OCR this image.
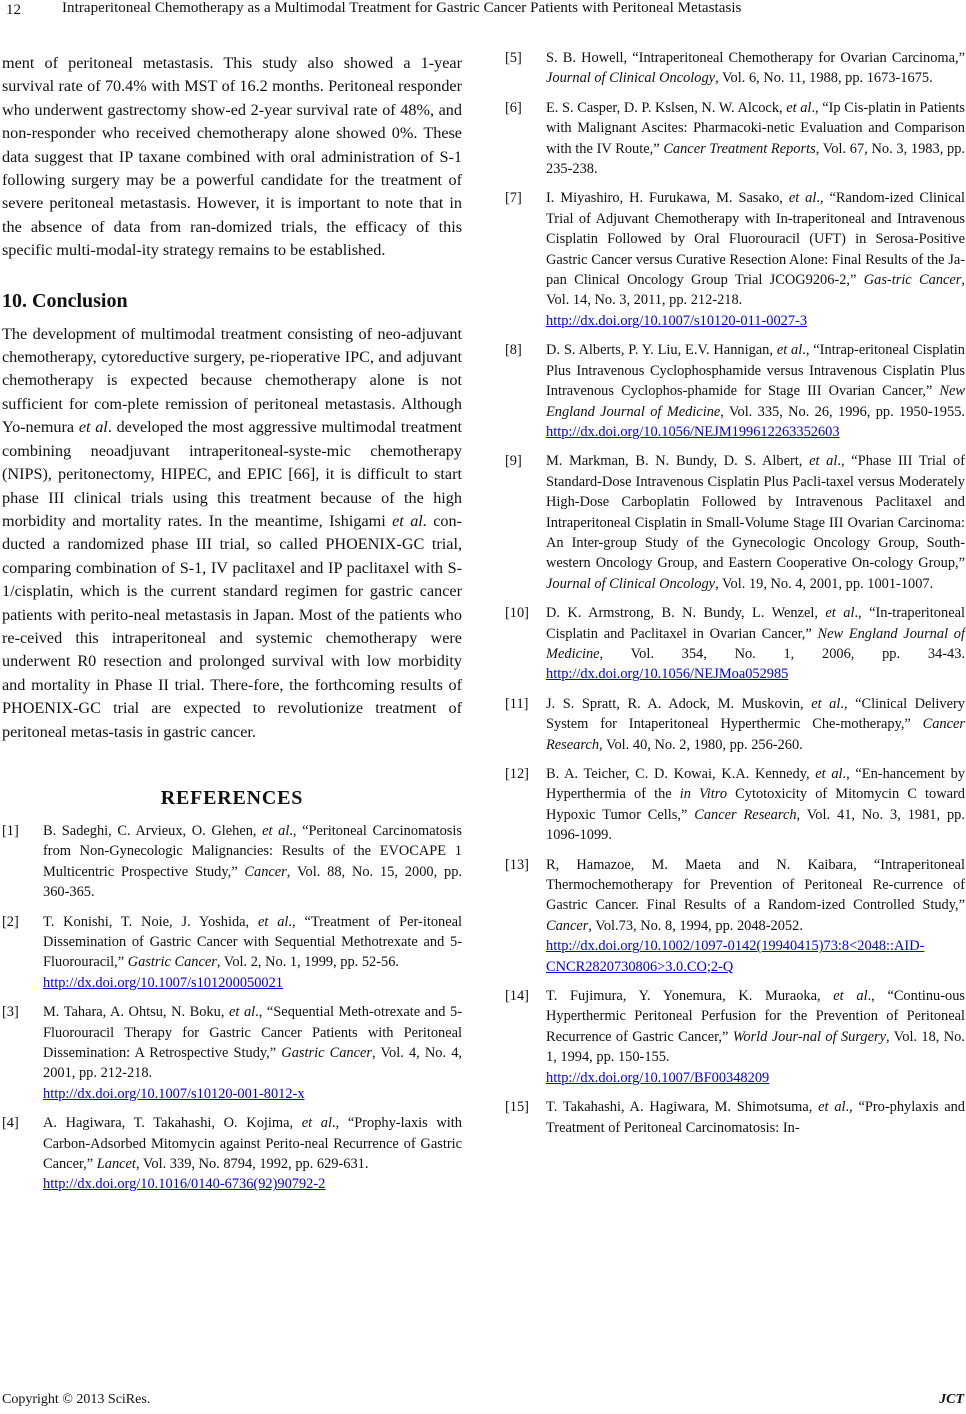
12	Intraperitoneal Chemotherapy as a Multimodal Treatment for Gastric Cancer Patients with Peritoneal Metastasis

ment of peritoneal metastasis. This study also showed a 1-year survival rate of 70.4% with MST of 16.2 months. Peritoneal responder who underwent gastrectomy show-ed 2-year survival rate of 48%, and non-responder who received chemotherapy alone showed 0%. These data suggest that IP taxane combined with oral administration of S-1 following surgery may be a powerful candidate for the treatment of severe peritoneal metastasis. However, it is important to note that in the absence of data from ran-domized trials, the efficacy of this specific multi-modal-ity strategy remains to be established.

10. Conclusion

The development of multimodal treatment consisting of neo-adjuvant chemotherapy, cytoreductive surgery, pe-rioperative IPC, and adjuvant chemotherapy is expected because chemotherapy alone is not sufficient for com-plete remission of peritoneal metastasis. Although Yo-nemura et al. developed the most aggressive multimodal treatment combining neoadjuvant intraperitoneal-syste-mic chemotherapy (NIPS), peritonectomy, HIPEC, and EPIC [66], it is difficult to start phase III clinical trials using this treatment because of the high morbidity and mortality rates. In the meantime, Ishigami et al. con-ducted a randomized phase III trial, so called PHOENIX-GC trial, comparing combination of S-1, IV paclitaxel and IP paclitaxel with S-1/cisplatin, which is the current standard regimen for gastric cancer patients with perito-neal metastasis in Japan. Most of the patients who re-ceived this intraperitoneal and systemic chemotherapy were underwent R0 resection and prolonged survival with low morbidity and mortality in Phase II trial. There-fore, the forthcoming results of PHOENIX-GC trial are expected to revolutionize treatment of peritoneal metas-tasis in gastric cancer.

REFERENCES
[1]	B. Sadeghi, C. Arvieux, O. Glehen, et al., “Peritoneal Carcinomatosis from Non-Gynecologic Malignancies: Results of the EVOCAPE 1 Multicentric Prospective Study,” Cancer, Vol. 88, No. 15, 2000, pp. 360-365.
[2]	T. Konishi, T. Noie, J. Yoshida, et al., “Treatment of Per-itoneal Dissemination of Gastric Cancer with Sequential Methotrexate and 5-Fluorouracil,” Gastric Cancer, Vol. 2, No. 1, 1999, pp. 52-56.
http://dx.doi.org/10.1007/s101200050021
[3]	M. Tahara, A. Ohtsu, N. Boku, et al., “Sequential Meth-otrexate and 5-Fluorouracil Therapy for Gastric Cancer Patients with Peritoneal Dissemination: A Retrospective Study,” Gastric Cancer, Vol. 4, No. 4, 2001, pp. 212-218.
http://dx.doi.org/10.1007/s10120-001-8012-x
[4]	A. Hagiwara, T. Takahashi, O. Kojima, et al., “Prophy-laxis with Carbon-Adsorbed Mitomycin against Perito-neal Recurrence of Gastric Cancer,” Lancet, Vol. 339, No. 8794, 1992, pp. 629-631.
http://dx.doi.org/10.1016/0140-6736(92)90792-2
[5]	S. B. Howell, “Intraperitoneal Chemotherapy for Ovarian Carcinoma,” Journal of Clinical Oncology, Vol. 6, No. 11, 1988, pp. 1673-1675.
[6]	E. S. Casper, D. P. Kslsen, N. W. Alcock, et al., “Ip Cis-platin in Patients with Malignant Ascites: Pharmacoki-netic Evaluation and Comparison with the IV Route,” Cancer Treatment Reports, Vol. 67, No. 3, 1983, pp. 235-238.
[7]	I. Miyashiro, H. Furukawa, M. Sasako, et al., “Random-ized Clinical Trial of Adjuvant Chemotherapy with In-traperitoneal and Intravenous Cisplatin Followed by Oral Fluorouracil (UFT) in Serosa-Positive Gastric Cancer versus Curative Resection Alone: Final Results of the Ja-pan Clinical Oncology Group Trial JCOG9206-2,” Gas-tric Cancer, Vol. 14, No. 3, 2011, pp. 212-218.
http://dx.doi.org/10.1007/s10120-011-0027-3
[8]	D. S. Alberts, P. Y. Liu, E.V. Hannigan, et al., “Intrap-eritoneal Cisplatin Plus Intravenous Cyclophosphamide versus Intravenous Cisplatin Plus Intravenous Cyclophos-phamide for Stage III Ovarian Cancer,” New England Journal of Medicine, Vol. 335, No. 26, 1996, pp. 1950-1955. http://dx.doi.org/10.1056/NEJM199612263352603
[9]	M. Markman, B. N. Bundy, D. S. Albert, et al., “Phase III Trial of Standard-Dose Intravenous Cisplatin Plus Pacli-taxel versus Moderately High-Dose Carboplatin Followed by Intravenous Paclitaxel and Intraperitoneal Cisplatin in Small-Volume Stage III Ovarian Carcinoma: An Inter-group Study of the Gynecologic Oncology Group, South-western Oncology Group, and Eastern Cooperative On-cology Group,” Journal of Clinical Oncology, Vol. 19, No. 4, 2001, pp. 1001-1007.
[10]	D. K. Armstrong, B. N. Bundy, L. Wenzel, et al., “In-traperitoneal Cisplatin and Paclitaxel in Ovarian Cancer,” New England Journal of Medicine, Vol. 354, No. 1, 2006, pp. 34-43. http://dx.doi.org/10.1056/NEJMoa052985
[11]	J. S. Spratt, R. A. Adock, M. Muskovin, et al., “Clinical Delivery System for Intaperitoneal Hyperthermic Che-motherapy,” Cancer Research, Vol. 40, No. 2, 1980, pp. 256-260.
[12]	B. A. Teicher, C. D. Kowai, K.A. Kennedy, et al., “En-hancement by Hyperthermia of the in Vitro Cytotoxicity of Mitomycin C toward Hypoxic Tumor Cells,” Cancer Research, Vol. 41, No. 3, 1981, pp. 1096-1099.
[13]	R, Hamazoe, M. Maeta and N. Kaibara, “Intraperitoneal Thermochemotherapy for Prevention of Peritoneal Re-currence of Gastric Cancer. Final Results of a Random-ized Controlled Study,” Cancer, Vol.73, No. 8, 1994, pp. 2048-2052.
http://dx.doi.org/10.1002/1097-0142(19940415)73:8<2048::AID-CNCR2820730806>3.0.CO;2-Q
[14]	T. Fujimura, Y. Yonemura, K. Muraoka, et al., “Continu-ous Hyperthermic Peritoneal Perfusion for the Prevention of Peritoneal Recurrence of Gastric Cancer,” World Jour-nal of Surgery, Vol. 18, No. 1, 1994, pp. 150-155.
http://dx.doi.org/10.1007/BF00348209
[15]	T. Takahashi, A. Hagiwara, M. Shimotsuma, et al., “Pro-phylaxis and Treatment of Peritoneal Carcinomatosis: In-
Copyright © 2013 SciRes.	JCT
